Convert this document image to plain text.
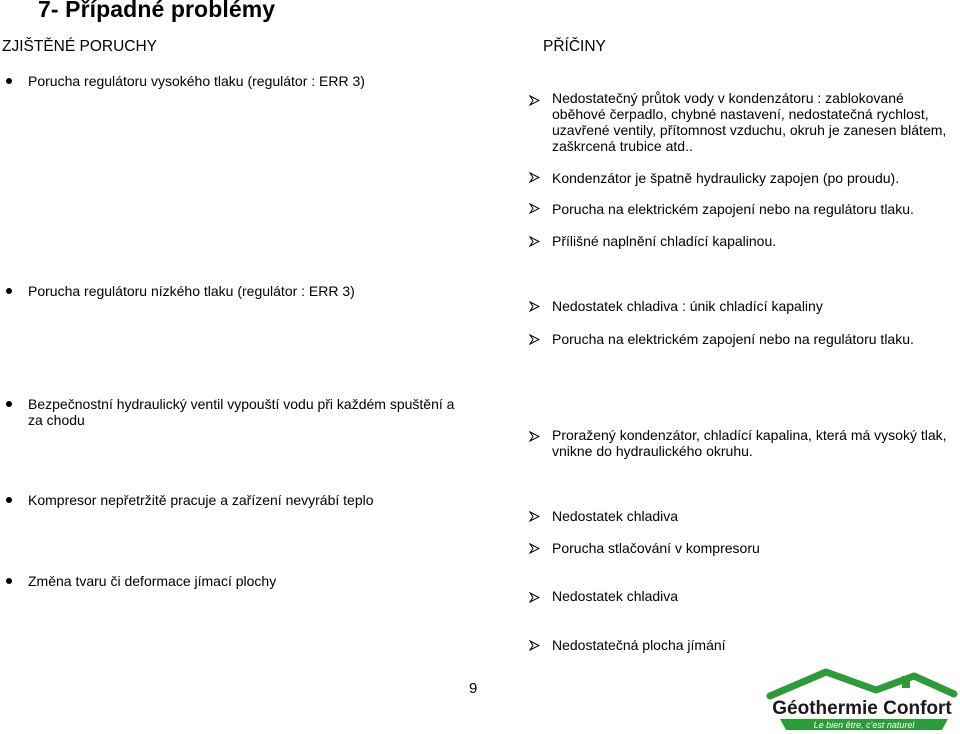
7- Případné problémy
ZJIŠTĚNÉ PORUCHY	PŘÍČINY
Porucha regulátoru vysokého tlaku (regulátor : ERR 3)
Porucha regulátoru nízkého tlaku (regulátor : ERR 3)
Bezpečnostní hydraulický ventil vypouští vodu při každém spuštění a za chodu
Kompresor nepřetržitě pracuje a zařízení nevyrábí teplo
Změna tvaru či deformace jímací plochy
Nedostatečný průtok vody v kondenzátoru : zablokované oběhové čerpadlo, chybné nastavení, nedostatečná rychlost, uzavřené ventily, přítomnost vzduchu, okruh je zanesen blátem, zaškrcená trubice atd..
Kondenzátor je špatně hydraulicky zapojen (po proudu).
Porucha na elektrickém zapojení nebo na regulátoru tlaku.
Přílišné naplnění chladící kapalinou.
Nedostatek chladiva : únik chladící kapaliny
Porucha na elektrickém zapojení nebo na regulátoru tlaku.
Proražený kondenzátor, chladící kapalina, která má vysoký tlak, vnikne do hydraulického okruhu.
Nedostatek chladiva
Porucha stlačování v kompresoru
Nedostatek chladiva
Nedostatečná plocha jímání
9
Géothermie Confort
Le bien être, c'est naturel
